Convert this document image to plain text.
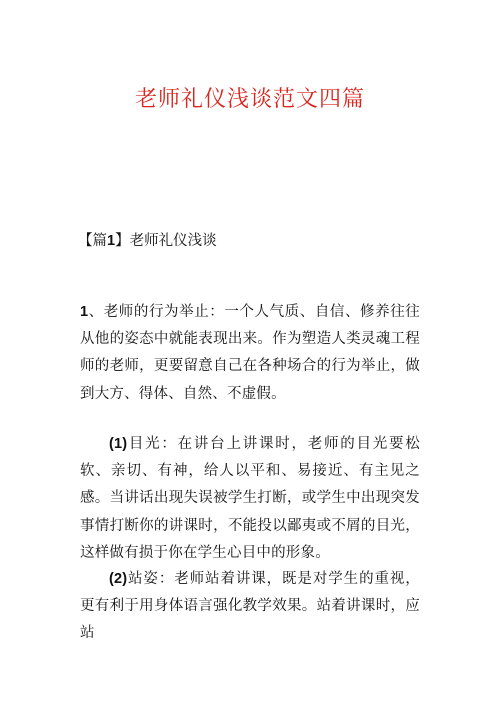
老师礼仪浅谈范文四篇
【篇1】老师礼仪浅谈
1、老师的行为举止：一个人气质、自信、修养往往从他的姿态中就能表现出来。作为塑造人类灵魂工程师的老师，更要留意自己在各种场合的行为举止，做到大方、得体、自然、不虚假。
(1)目光：在讲台上讲课时，老师的目光要松软、亲切、有神，给人以平和、易接近、有主见之感。当讲话出现失误被学生打断，或学生中出现突发事情打断你的讲课时，不能投以鄙夷或不屑的目光，这样做有损于你在学生心目中的形象。
(2)站姿：老师站着讲课，既是对学生的重视，更有利于用身体语言强化教学效果。站着讲课时，应站
